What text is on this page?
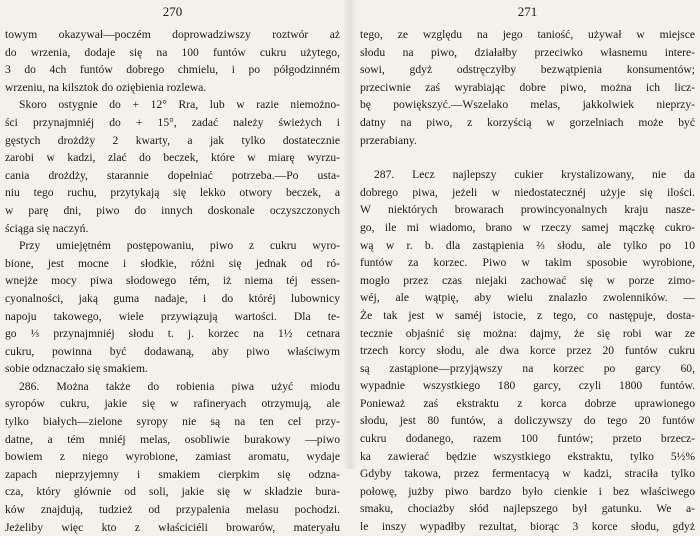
270
towym okazywał—poczém doprowadziwszy roztwór aż
do wrzenia, dodaje się na 100 funtów cukru użytego,
3 do 4ch funtów dobrego chmielu, i po półgodzinném
wrzeniu, na kilsztok do oziębienia rozlewa.
Skoro ostygnie do + 12° Rra, lub w razie niemożno-
ści przynajmniéj do + 15°, zadać należy świeżych i
gęstych drożdży 2 kwarty, a jak tylko dostatecznie
zarobi w kadzi, zlać do beczek, które w miarę wyrzu-
cania drożdży, starannie dopełniać potrzeba.—Po usta-
niu tego ruchu, przytykają się lekko otwory beczek, a
w parę dni, piwo do innych doskonale oczyszczonych
ściąga się naczyń.
Przy umiejętném postępowaniu, piwo z cukru wyro-
bione, jest mocne i słodkie, różni się jednak od ró-
wnejże mocy piwa słodowego tém, iż niema téj essen-
cyonalności, jaką guma nadaje, i do któréj lubownicy
napoju takowego, wiele przywiązują wartości. Dla te-
go ⅓ przynajmniéj słodu t. j. korzec na 1½ cetnara
cukru, powinna być dodawaną, aby piwo właściwym
sobie odznaczało się smakiem.
286. Można także do robienia piwa użyć miodu
syropów cukru, jakie się w rafineryach otrzymują, ale
tylko białych—zielone syropy nie są na ten cel przy-
datne, a tém mniéj melas, osobliwie burakowy —piwo
bowiem z niego wyrobione, zamiast aromatu, wydaje
zapach nieprzyjemny i smakiem cierpkim się odzna-
cza, który głównie od soli, jakie się w składzie bura-
ków znajdują, tudzież od przypalenia melasu pochodzi.
Jeżeliby więc kto z właściciéli browarów, materyału
271
tego, ze względu na jego taniość, używał w miejsce
słodu na piwo, działałby przeciwko własnemu intere-
sowi, gdyż odstręczyłby bezwątpienia konsumentów;
przeciwnie zaś wyrabiając dobre piwo, można ich licz-
bę powiększyć.—Wszelako melas, jakkolwiek nieprzy-
datny na piwo, z korzyścią w gorzelniach może być
przerabiany.
287. Lecz najlepszy cukier krystalizowany, nie da
dobrego piwa, jeżeli w niedostatecznéj użyje się ilości.
W niektórych browarach prowincyonalnych kraju nasze-
go, ile mi wiadomo, brano w rzeczy samej mączkę cukro-
wą w r. b. dla zastąpienia ⅔ słodu, ale tylko po 10
funtów za korzec. Piwo w takim sposobie wyrobione,
mogło przez czas niejaki zachować się w porze zimo-
wéj, ale wątpię, aby wielu znalazło zwolenników. —
Że tak jest w saméj istocie, z tego, co następuje, dosta-
tecznie objaśnić się można: dajmy, że się robi war ze
trzech korcy słodu, ale dwa korce przez 20 funtów cukru
są zastąpione—przyjąwszy na korzec po garcy 60,
wypadnie wszystkiego 180 garcy, czyli 1800 funtów.
Ponieważ zaś ekstraktu z korca dobrze uprawionego
słodu, jest 80 funtów, a doliczywszy do tego 20 funtów
cukru dodanego, razem 100 funtów; przeto brzecz-
ka zawierać będzie wszystkiego ekstraktu, tylko 5½%
Gdyby takowa, przez fermentacyą w kadzi, straciła tylko
połowę, jużby piwo bardzo było cienkie i bez właściwego
smaku, chociażby słód najlepszego był gatunku. We a-
le inszy wypadłby rezultat, biorąc 3 korce słodu, gdyż
